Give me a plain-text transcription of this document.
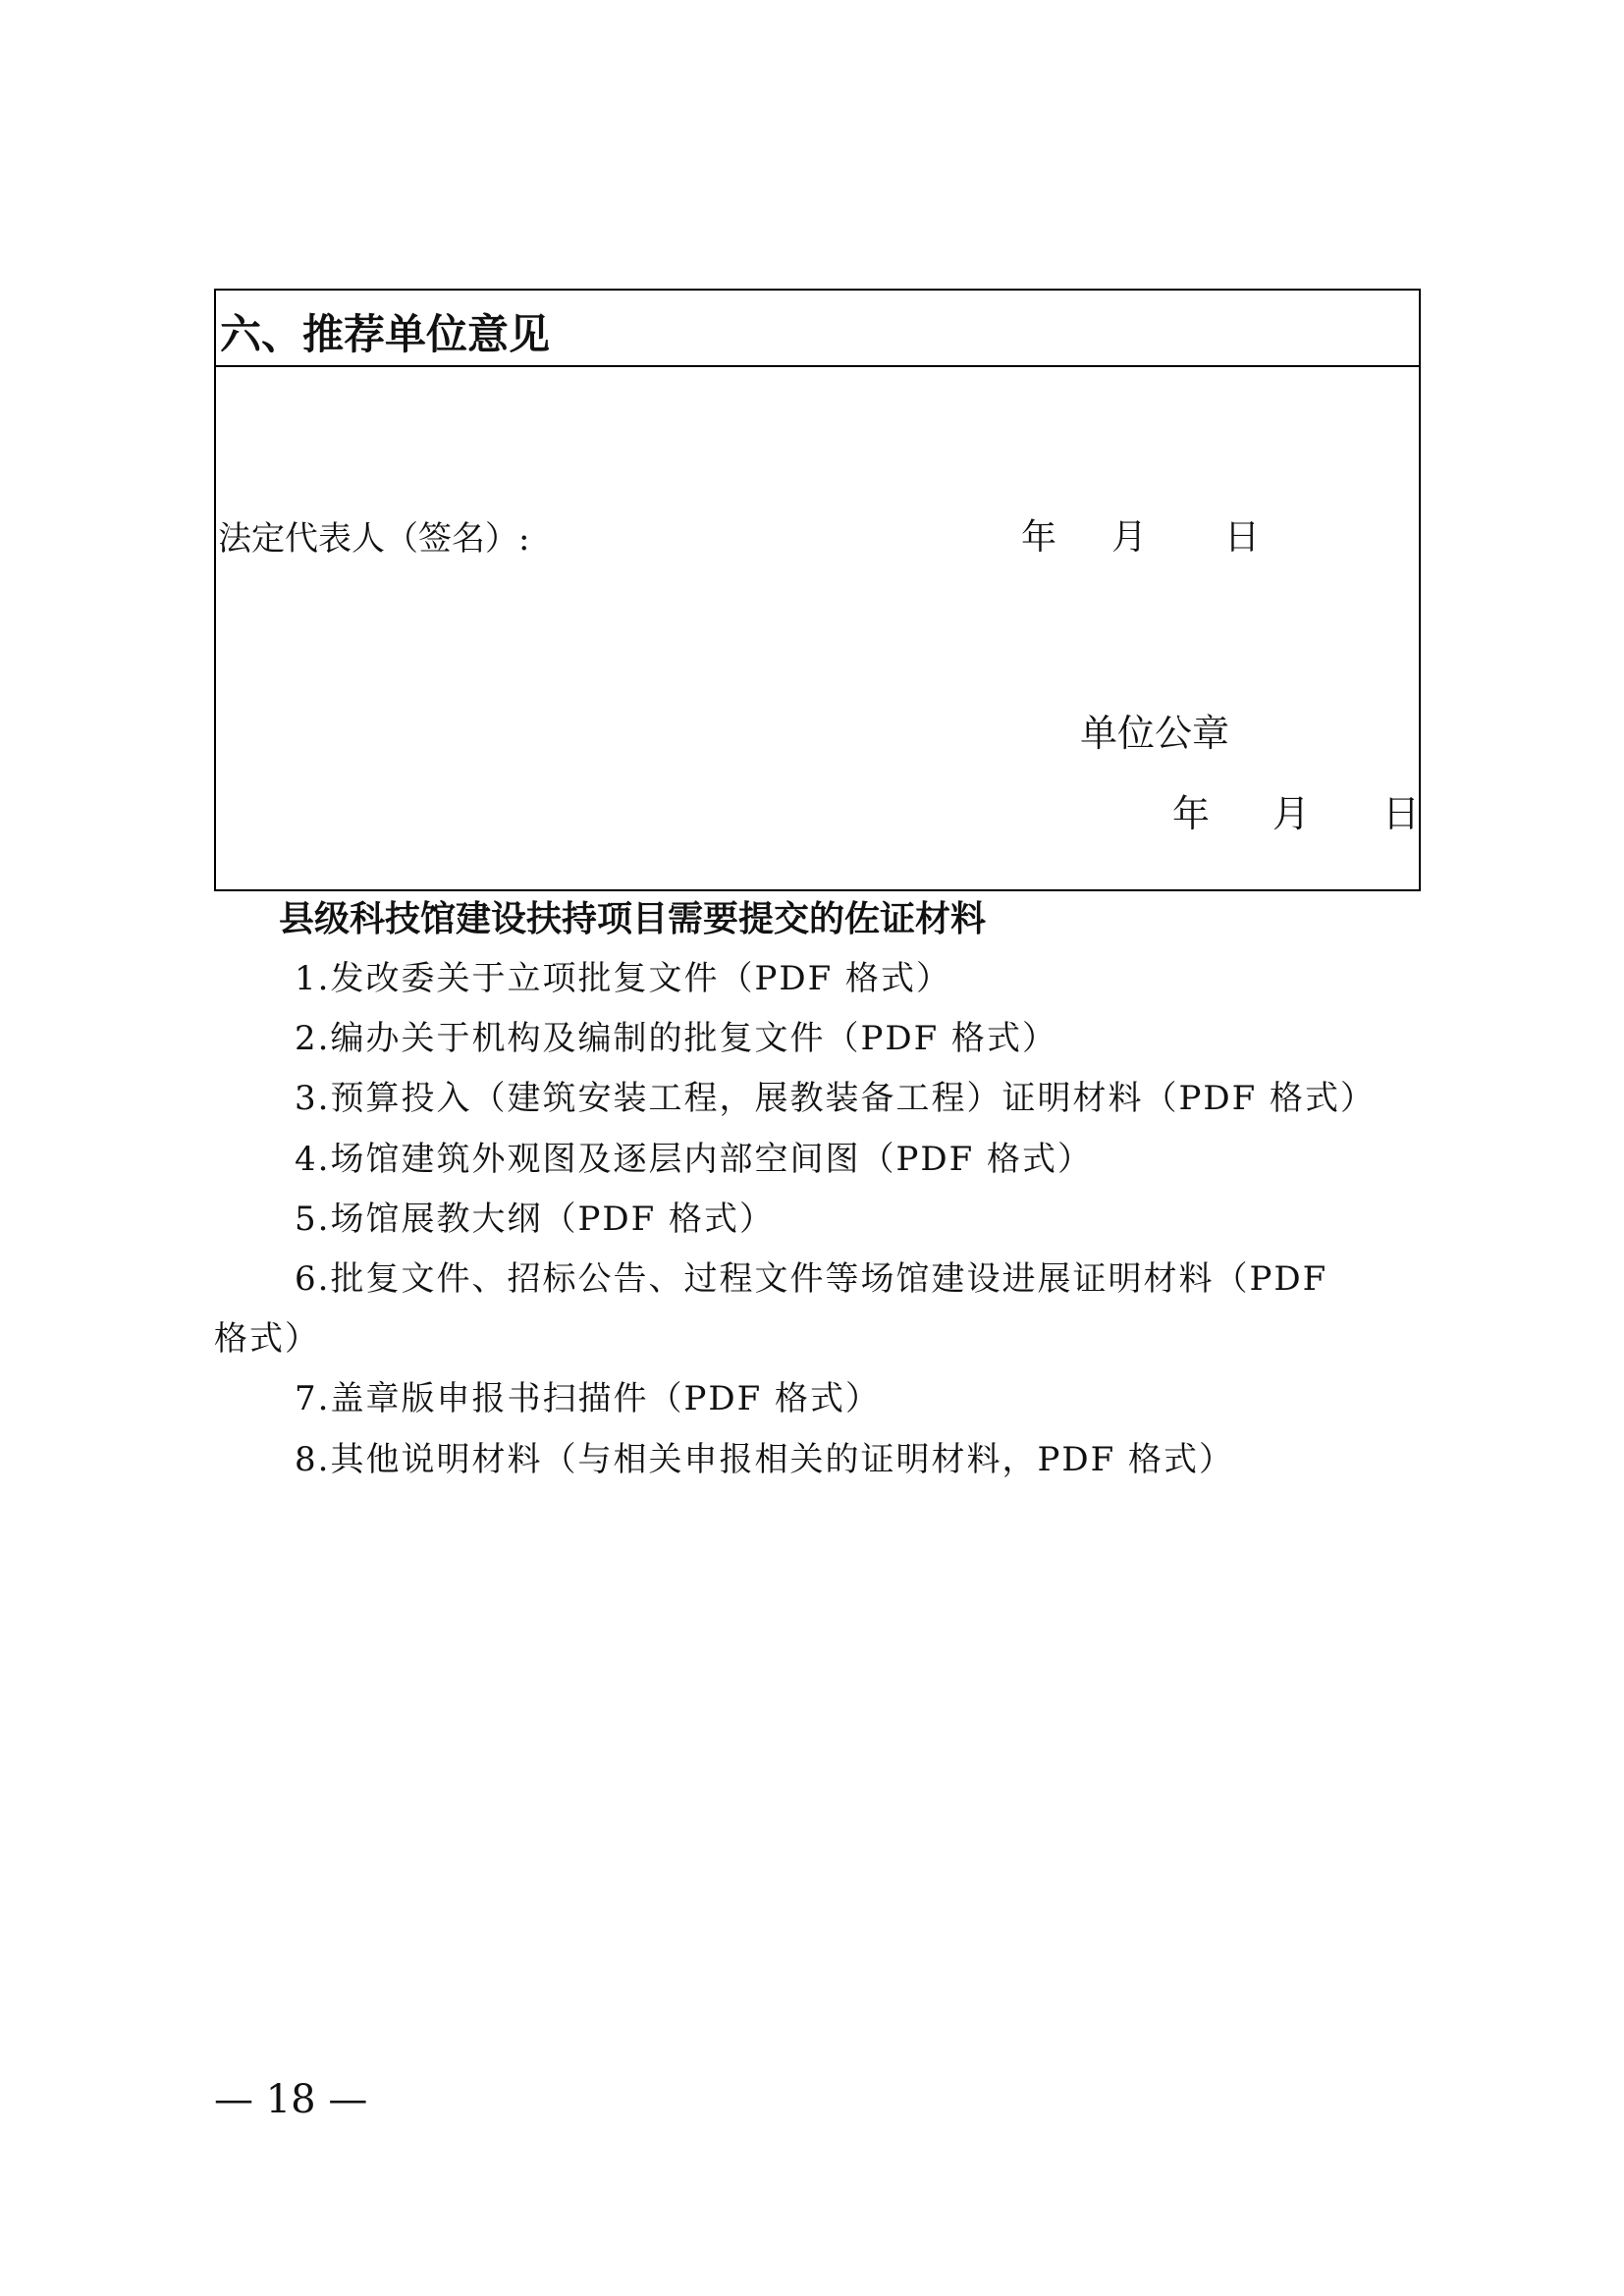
六、推荐单位意见
法定代表人（签名）:	年 月 日
单位公章
年 月 日
县级科技馆建设扶持项目需要提交的佐证材料
1.发改委关于立项批复文件（PDF 格式）
2.编办关于机构及编制的批复文件（PDF 格式）
3.预算投入（建筑安装工程，展教装备工程）证明材料（PDF 格式）
4.场馆建筑外观图及逐层内部空间图（PDF 格式）
5.场馆展教大纲（PDF 格式）
6.批复文件、招标公告、过程文件等场馆建设进展证明材料（PDF
格式）
7.盖章版申报书扫描件（PDF 格式）
8.其他说明材料（与相关申报相关的证明材料，PDF 格式）
— 18 —
